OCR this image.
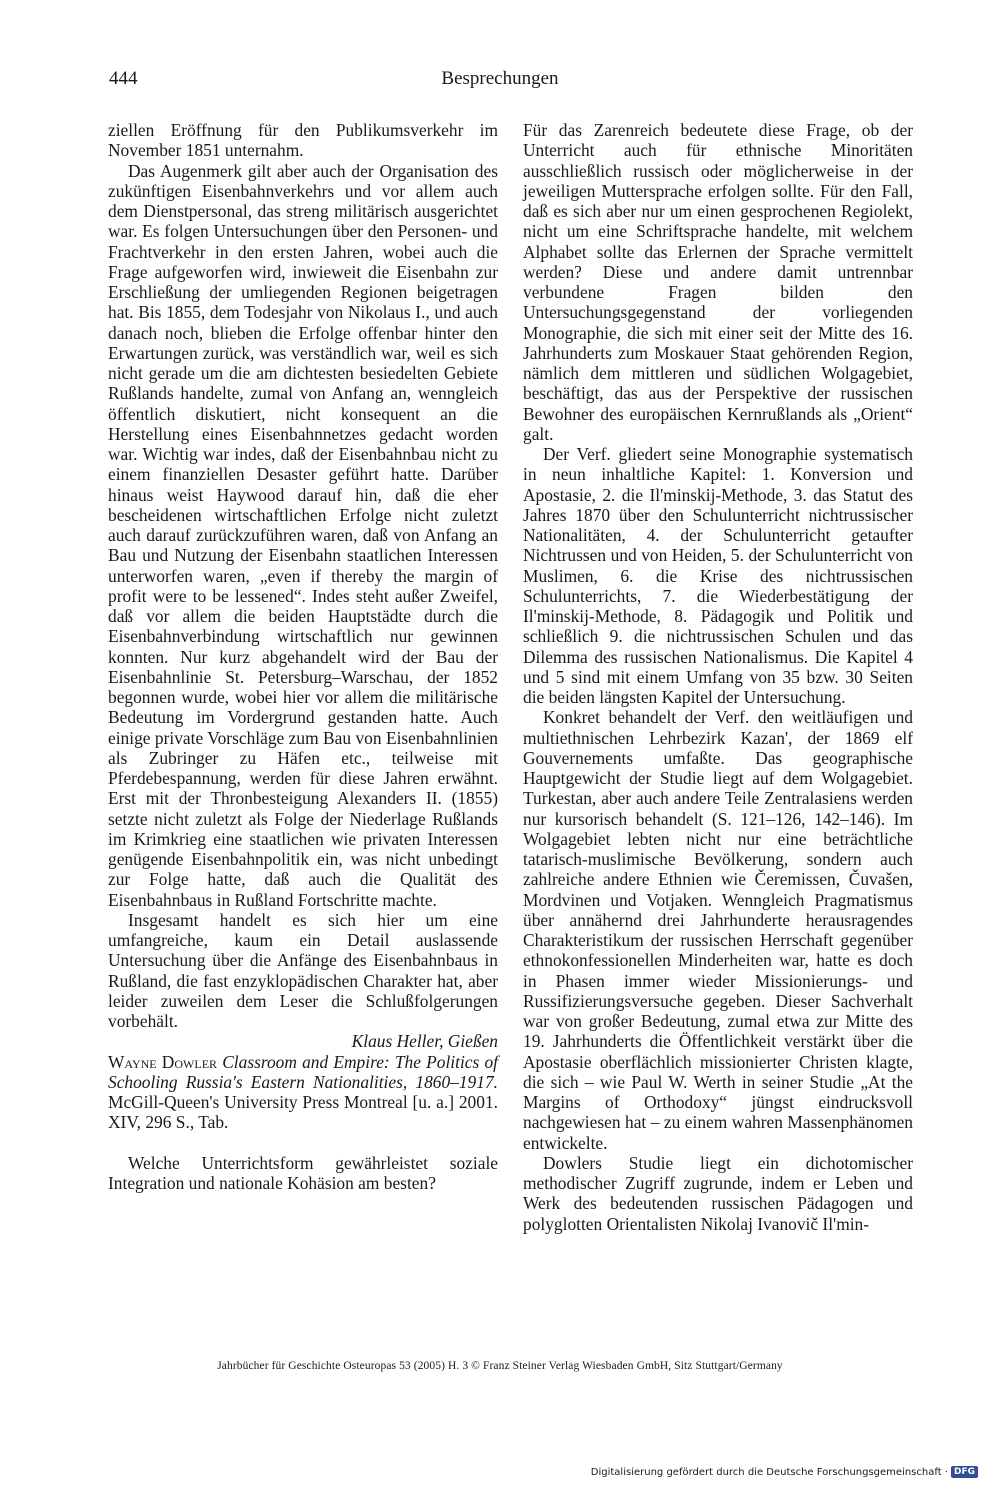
444	Besprechungen

ziellen Eröffnung für den Publikumsverkehr im November 1851 unternahm.

Das Augenmerk gilt aber auch der Organisation des zukünftigen Eisenbahnverkehrs und vor allem auch dem Dienstpersonal, das streng militärisch ausgerichtet war. Es folgen Untersuchungen über den Personen- und Frachtverkehr in den ersten Jahren, wobei auch die Frage aufgeworfen wird, inwieweit die Eisenbahn zur Erschließung der umliegenden Regionen beigetragen hat. Bis 1855, dem Todesjahr von Nikolaus I., und auch danach noch, blieben die Erfolge offenbar hinter den Erwartungen zurück, was verständlich war, weil es sich nicht gerade um die am dichtesten besiedelten Gebiete Rußlands handelte, zumal von Anfang an, wenngleich öffentlich diskutiert, nicht konsequent an die Herstellung eines Eisenbahnnetzes gedacht worden war. Wichtig war indes, daß der Eisenbahnbau nicht zu einem finanziellen Desaster geführt hatte. Darüber hinaus weist Haywood darauf hin, daß die eher bescheidenen wirtschaftlichen Erfolge nicht zuletzt auch darauf zurückzuführen waren, daß von Anfang an Bau und Nutzung der Eisenbahn staatlichen Interessen unterworfen waren, „even if thereby the margin of profit were to be lessened“. Indes steht außer Zweifel, daß vor allem die beiden Hauptstädte durch die Eisenbahnverbindung wirtschaftlich nur gewinnen konnten. Nur kurz abgehandelt wird der Bau der Eisenbahnlinie St. Petersburg–Warschau, der 1852 begonnen wurde, wobei hier vor allem die militärische Bedeutung im Vordergrund gestanden hatte. Auch einige private Vorschläge zum Bau von Eisenbahnlinien als Zubringer zu Häfen etc., teilweise mit Pferdebespannung, werden für diese Jahren erwähnt. Erst mit der Thronbesteigung Alexanders II. (1855) setzte nicht zuletzt als Folge der Niederlage Rußlands im Krimkrieg eine staatlichen wie privaten Interessen genügende Eisenbahnpolitik ein, was nicht unbedingt zur Folge hatte, daß auch die Qualität des Eisenbahnbaus in Rußland Fortschritte machte.

Insgesamt handelt es sich hier um eine umfangreiche, kaum ein Detail auslassende Untersuchung über die Anfänge des Eisenbahnbaus in Rußland, die fast enzyklopädischen Charakter hat, aber leider zuweilen dem Leser die Schlußfolgerungen vorbehält.

Klaus Heller, Gießen

Wayne Dowler Classroom and Empire: The Politics of Schooling Russia's Eastern Nationalities, 1860–1917. McGill-Queen's University Press Montreal [u. a.] 2001. XIV, 296 S., Tab.

Welche Unterrichtsform gewährleistet soziale Integration und nationale Kohäsion am besten?

Für das Zarenreich bedeutete diese Frage, ob der Unterricht auch für ethnische Minoritäten ausschließlich russisch oder möglicherweise in der jeweiligen Muttersprache erfolgen sollte. Für den Fall, daß es sich aber nur um einen gesprochenen Regiolekt, nicht um eine Schriftsprache handelte, mit welchem Alphabet sollte das Erlernen der Sprache vermittelt werden? Diese und andere damit untrennbar verbundene Fragen bilden den Untersuchungsgegenstand der vorliegenden Monographie, die sich mit einer seit der Mitte des 16. Jahrhunderts zum Moskauer Staat gehörenden Region, nämlich dem mittleren und südlichen Wolgagebiet, beschäftigt, das aus der Perspektive der russischen Bewohner des europäischen Kernrußlands als „Orient“ galt.

Der Verf. gliedert seine Monographie systematisch in neun inhaltliche Kapitel: 1. Konversion und Apostasie, 2. die Il'minskij-Methode, 3. das Statut des Jahres 1870 über den Schulunterricht nichtrussischer Nationalitäten, 4. der Schulunterricht getaufter Nichtrussen und von Heiden, 5. der Schulunterricht von Muslimen, 6. die Krise des nichtrussischen Schulunterrichts, 7. die Wiederbestätigung der Il'minskij-Methode, 8. Pädagogik und Politik und schließlich 9. die nichtrussischen Schulen und das Dilemma des russischen Nationalismus. Die Kapitel 4 und 5 sind mit einem Umfang von 35 bzw. 30 Seiten die beiden längsten Kapitel der Untersuchung.

Konkret behandelt der Verf. den weitläufigen und multiethnischen Lehrbezirk Kazan', der 1869 elf Gouvernements umfaßte. Das geographische Hauptgewicht der Studie liegt auf dem Wolgagebiet. Turkestan, aber auch andere Teile Zentralasiens werden nur kursorisch behandelt (S. 121–126, 142–146). Im Wolgagebiet lebten nicht nur eine beträchtliche tatarisch-muslimische Bevölkerung, sondern auch zahlreiche andere Ethnien wie Čeremissen, Čuvašen, Mordvinen und Votjaken. Wenngleich Pragmatismus über annähernd drei Jahrhunderte herausragendes Charakteristikum der russischen Herrschaft gegenüber ethnokonfessionellen Minderheiten war, hatte es doch in Phasen immer wieder Missionierungs- und Russifizierungsversuche gegeben. Dieser Sachverhalt war von großer Bedeutung, zumal etwa zur Mitte des 19. Jahrhunderts die Öffentlichkeit verstärkt über die Apostasie oberflächlich missionierter Christen klagte, die sich – wie Paul W. Werth in seiner Studie „At the Margins of Orthodoxy“ jüngst eindrucksvoll nachgewiesen hat – zu einem wahren Massenphänomen entwickelte.

Dowlers Studie liegt ein dichotomischer methodischer Zugriff zugrunde, indem er Leben und Werk des bedeutenden russischen Pädagogen und polyglotten Orientalisten Nikolaj Ivanovič Il'min-

Jahrbücher für Geschichte Osteuropas 53 (2005) H. 3 © Franz Steiner Verlag Wiesbaden GmbH, Sitz Stuttgart/Germany
Digitalisierung gefördert durch die Deutsche Forschungsgemeinschaft · DFG
